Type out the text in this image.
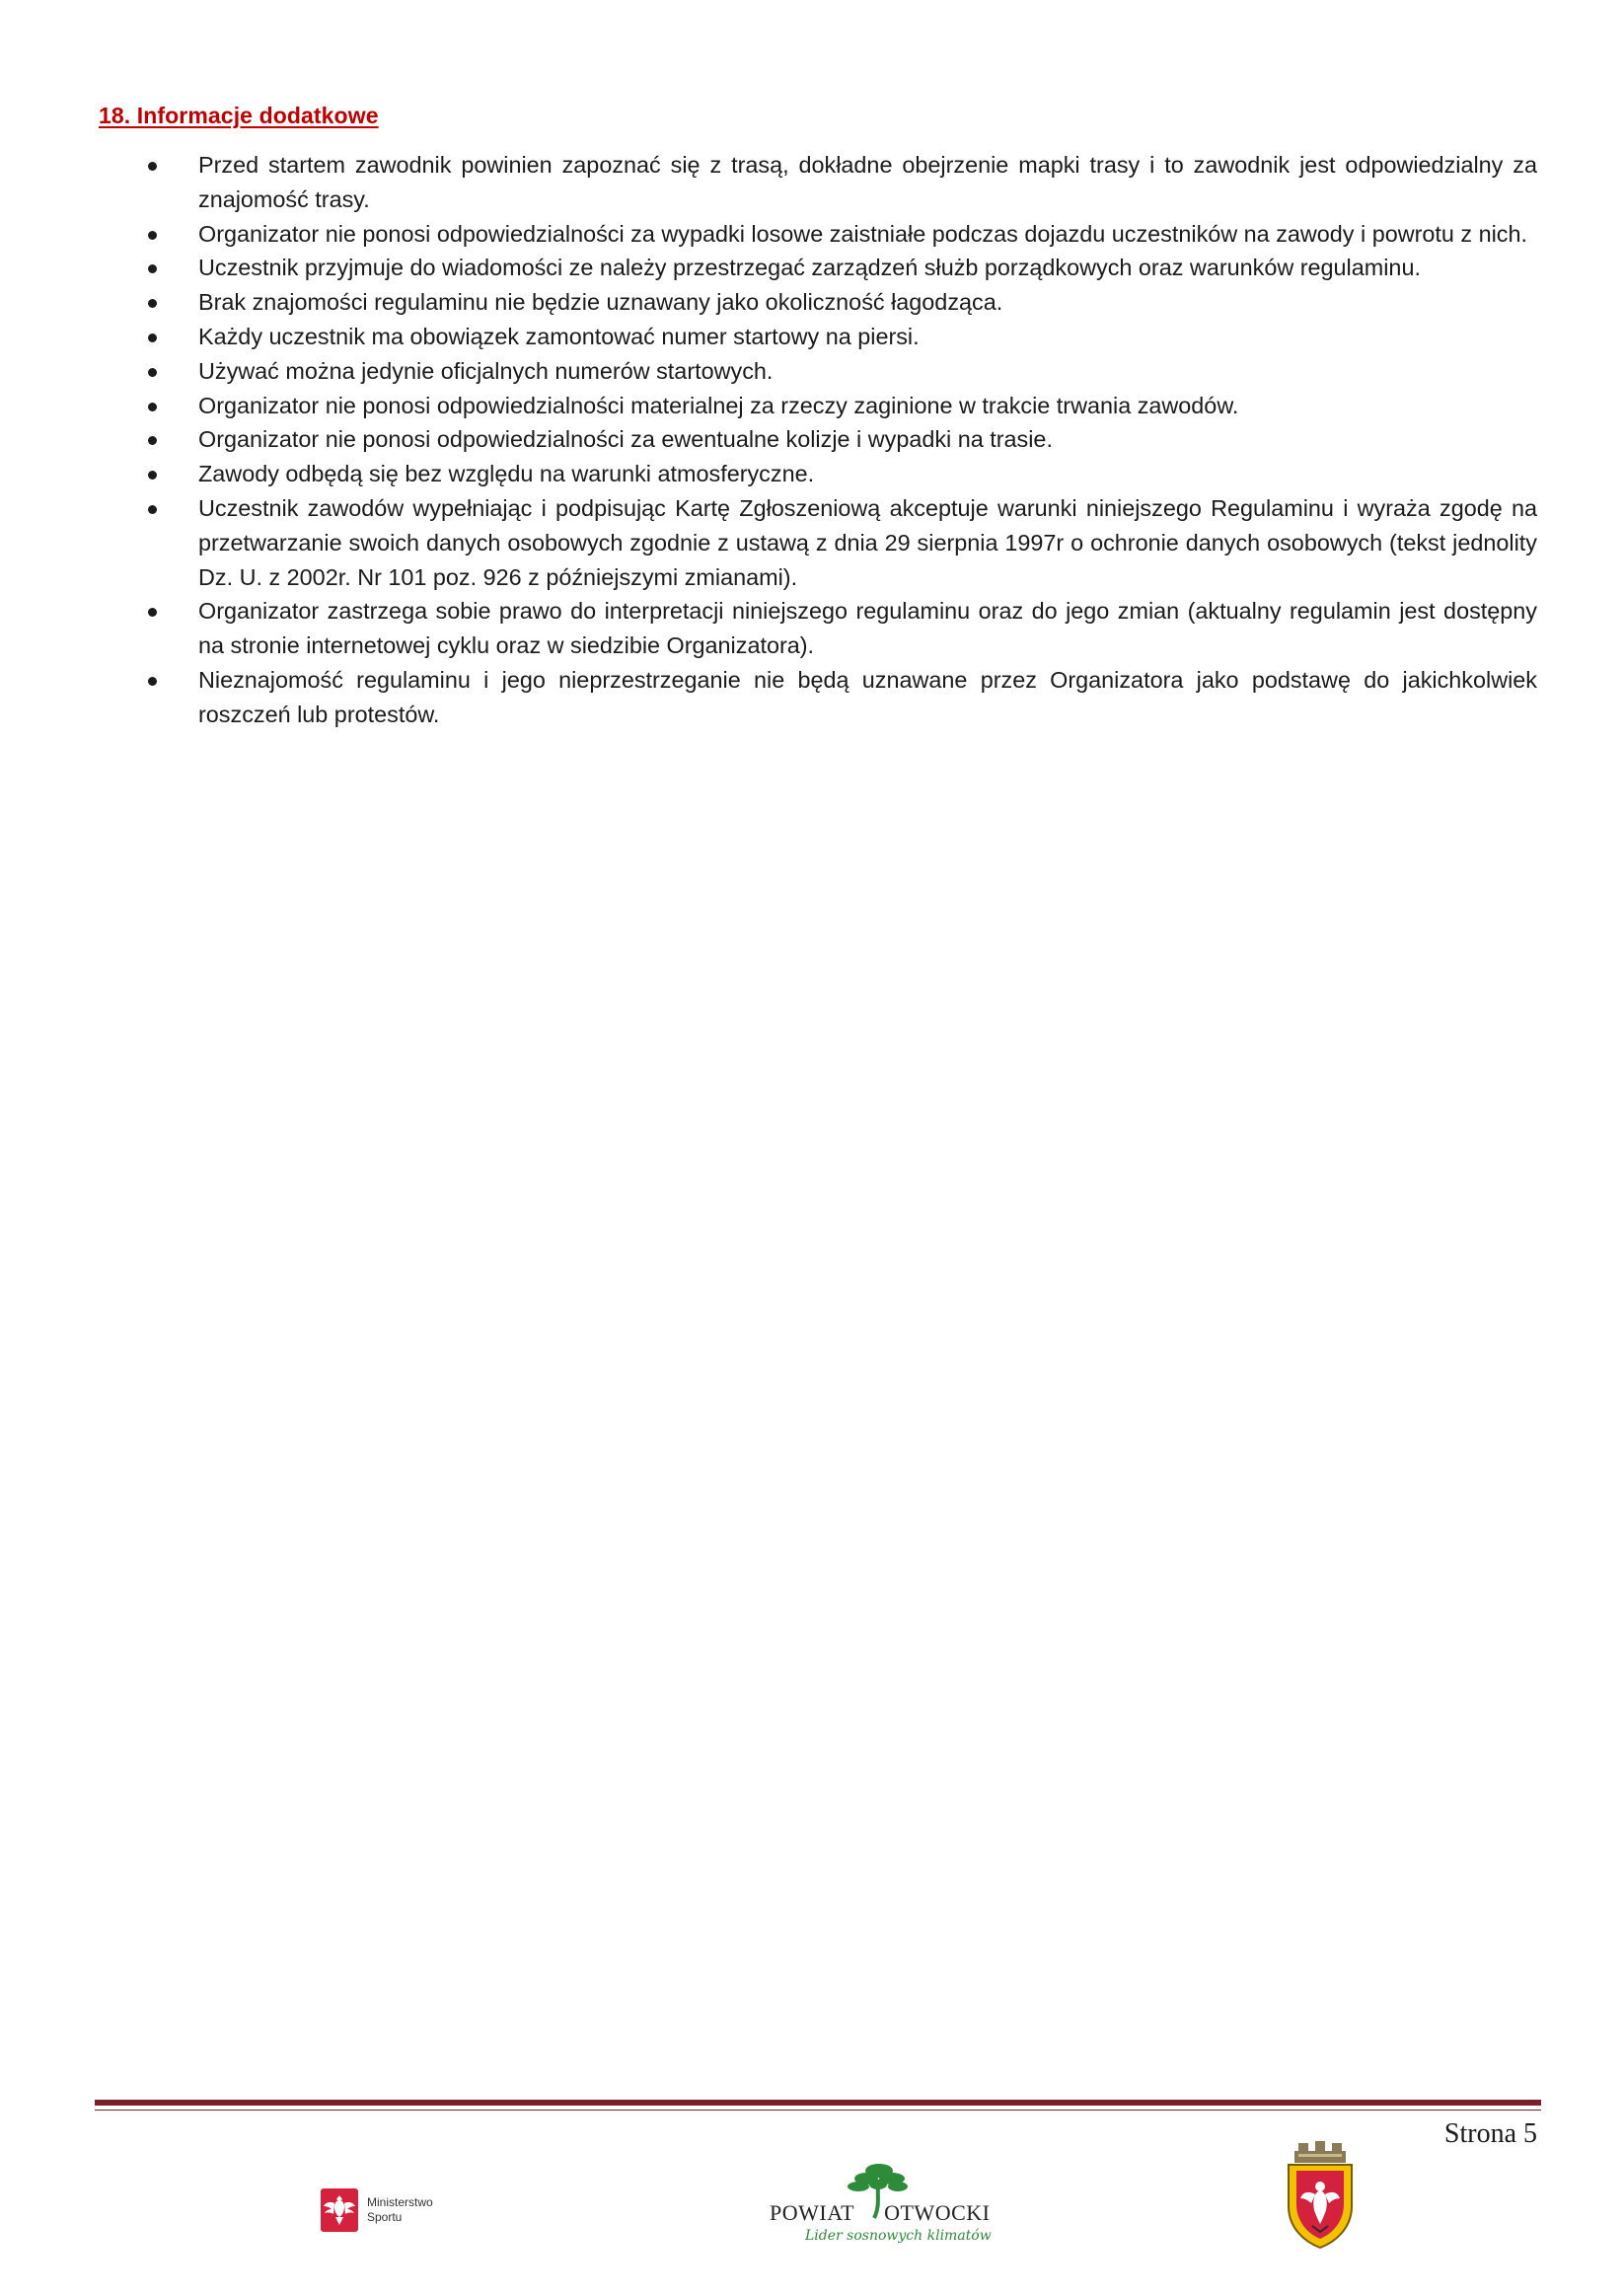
18. Informacje dodatkowe
Przed startem zawodnik powinien zapoznać się z trasą, dokładne obejrzenie mapki trasy i to zawodnik jest odpowiedzialny za znajomość trasy.
Organizator nie ponosi odpowiedzialności za wypadki losowe zaistniałe podczas dojazdu uczestników na zawody i powrotu z nich.
Uczestnik przyjmuje do wiadomości ze należy przestrzegać zarządzeń służb porządkowych oraz warunków regulaminu.
Brak znajomości regulaminu nie będzie uznawany jako okoliczność łagodząca.
Każdy uczestnik ma obowiązek zamontować numer startowy na piersi.
Używać można jedynie oficjalnych numerów startowych.
Organizator nie ponosi odpowiedzialności materialnej za rzeczy zaginione w trakcie trwania zawodów.
Organizator nie ponosi odpowiedzialności za ewentualne kolizje i wypadki na trasie.
Zawody odbędą się bez względu na warunki atmosferyczne.
Uczestnik zawodów wypełniając i podpisując Kartę Zgłoszeniową akceptuje warunki niniejszego Regulaminu i wyraża zgodę na przetwarzanie swoich danych osobowych zgodnie z ustawą z dnia 29 sierpnia 1997r o ochronie danych osobowych (tekst jednolity Dz. U. z 2002r. Nr 101 poz. 926 z późniejszymi zmianami).
Organizator zastrzega sobie prawo do interpretacji niniejszego regulaminu oraz do jego zmian (aktualny regulamin jest dostępny na stronie internetowej cyklu oraz w siedzibie Organizatora).
Nieznajomość regulaminu i jego nieprzestrzeganie nie będą uznawane przez Organizatora jako podstawę do jakichkolwiek roszczeń lub protestów.
Strona 5
Ministerstwo
Sportu	POWIAT OTWOCKI
Lider sosnowych klimatów
